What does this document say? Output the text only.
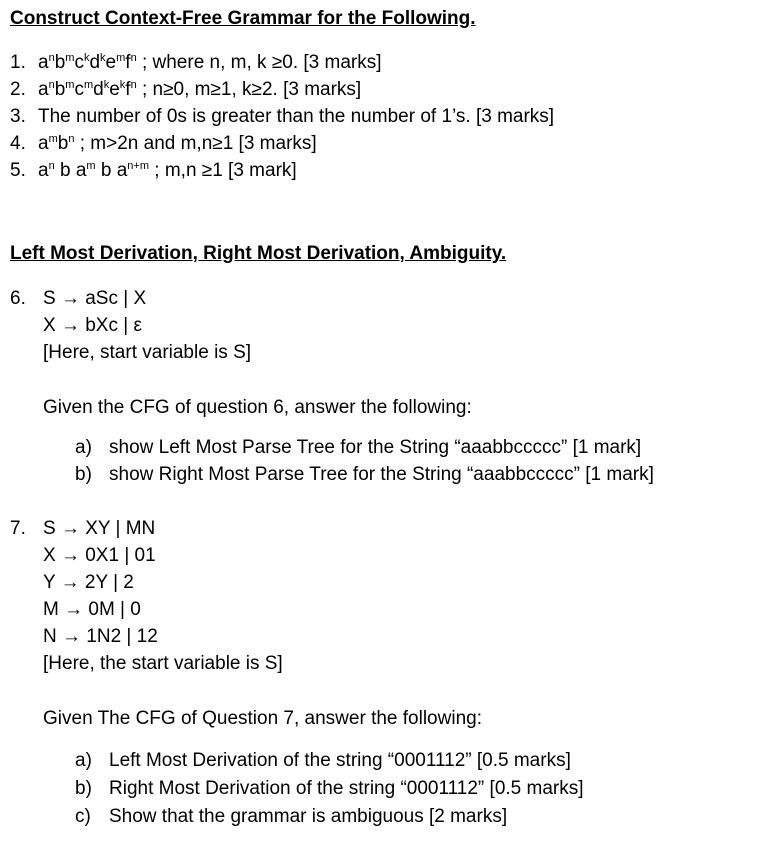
Construct Context-Free Grammar for the Following.
1. $a^nb^mc^kd^ke^mf^n$ ; where n, m, k ≥0. [3 marks]
2. $a^nb^mc^md^ke^kf^n$ ; n≥0, m≥1, k≥2. [3 marks]
3. The number of 0s is greater than the number of 1’s. [3 marks]
4. $a^mb^n$ ; m>2n and m,n≥1 [3 marks]
5. $a^n$ b $a^m$ b $a^{n+m}$ ; m,n ≥1 [3 mark]
Left Most Derivation, Right Most Derivation, Ambiguity.
6. S → aSc | X
X → bXc | ε
[Here, start variable is S]
Given the CFG of question 6, answer the following:
a) show Left Most Parse Tree for the String “aaabbccccc” [1 mark]
b) show Right Most Parse Tree for the String “aaabbccccc” [1 mark]
7. S → XY | MN
X → 0X1 | 01
Y → 2Y | 2
M → 0M | 0
N → 1N2 | 12
[Here, the start variable is S]
Given The CFG of Question 7, answer the following:
a) Left Most Derivation of the string “0001112” [0.5 marks]
b) Right Most Derivation of the string “0001112” [0.5 marks]
c) Show that the grammar is ambiguous [2 marks]
